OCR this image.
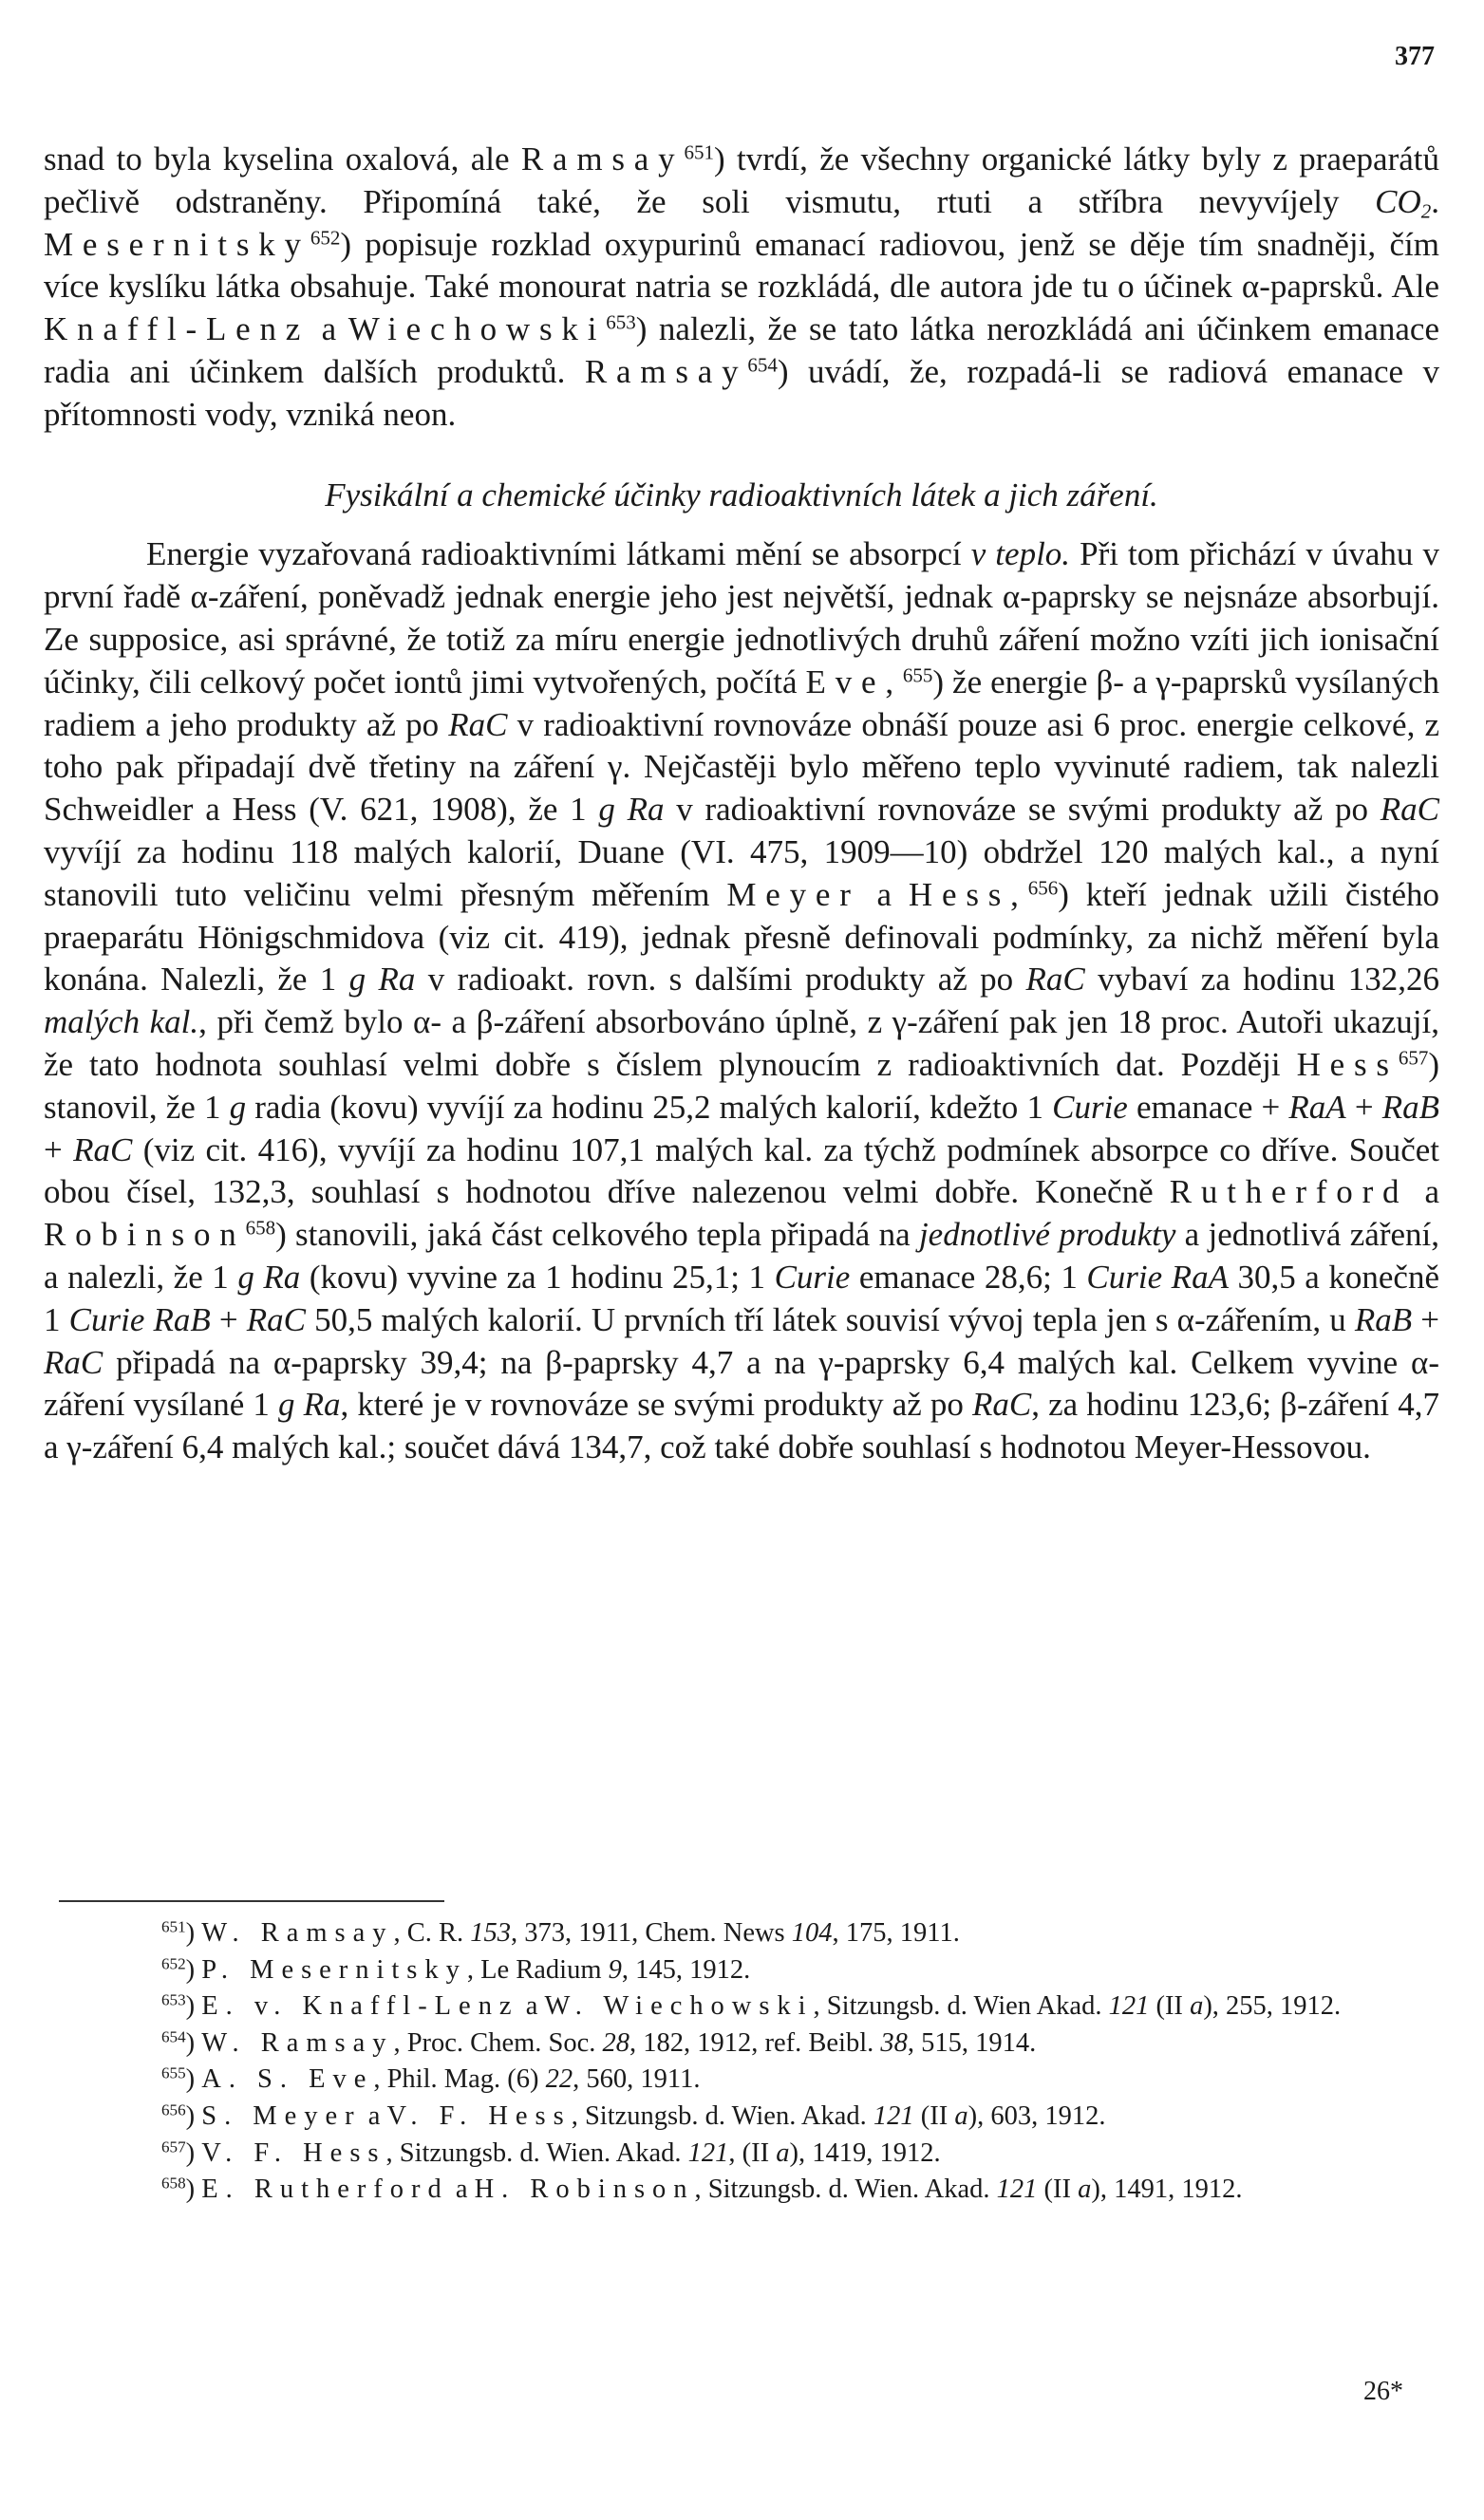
377

snad to byla kyselina oxalová, ale Ramsay$^{651}$) tvrdí, že všechny organické látky byly z praeparátů pečlivě odstraněny. Připomíná také, že soli vismutu, rtuti a stříbra nevyvíjely $CO_2$. Mesernitsky$^{652}$) popisuje rozklad oxypurinů emanací radiovou, jenž se děje tím snadněji, čím více kyslíku látka obsahuje. Také monourat natria se rozkládá, dle autora jde tu o účinek α-paprsků. Ale Knaffl-Lenz a Wiechowski$^{653}$) nalezli, že se tato látka nerozkládá ani účinkem emanace radia ani účinkem dalších produktů. Ramsay$^{654}$) uvádí, že, rozpadá-li se radiová emanace v přítomnosti vody, vzniká neon.

Fysikální a chemické účinky radioaktivních látek a jich záření.

Energie vyzařovaná radioaktivními látkami mění se absorpcí v teplo. Při tom přichází v úvahu v první řadě α-záření, poněvadž jednak energie jeho jest největší, jednak α-paprsky se nejsnáze absorbují. Ze supposice, asi správné, že totiž za míru energie jednotlivých druhů záření možno vzíti jich ionisační účinky, čili celkový počet iontů jimi vytvořených, počítá Eve,$^{655}$) že energie β- a γ-paprsků vysílaných radiem a jeho produkty až po RaC v radioaktivní rovnováze obnáší pouze asi 6 proc. energie celkové, z toho pak připadají dvě třetiny na záření γ. Nejčastěji bylo měřeno teplo vyvinuté radiem, tak nalezli Schweidler a Hess (V. 621, 1908), že 1 g Ra v radioaktivní rovnováze se svými produkty až po RaC vyvíjí za hodinu 118 malých kalorií, Duane (VI. 475, 1909—10) obdržel 120 malých kal., a nyní stanovili tuto veličinu velmi přesným měřením Meyer a Hess,$^{656}$) kteří jednak užili čistého praeparátu Hönigschmidova (viz cit. 419), jednak přesně definovali podmínky, za nichž měření byla konána. Nalezli, že 1 g Ra v radioakt. rovn. s dalšími produkty až po RaC vybaví za hodinu 132,26 malých kal., při čemž bylo α- a β-záření absorbováno úplně, z γ-záření pak jen 18 proc. Autoři ukazují, že tato hodnota souhlasí velmi dobře s číslem plynoucím z radioaktivních dat. Později Hess$^{657}$) stanovil, že 1 g radia (kovu) vyvíjí za hodinu 25,2 malých kalorií, kdežto 1 Curie emanace + RaA + RaB + RaC (viz cit. 416), vyvíjí za hodinu 107,1 malých kal. za týchž podmínek absorpce co dříve. Součet obou čísel, 132,3, souhlasí s hodnotou dříve nalezenou velmi dobře. Konečně Rutherford a Robinson$^{658}$) stanovili, jaká část celkového tepla připadá na jednotlivé produkty a jednotlivá záření, a nalezli, že 1 g Ra (kovu) vyvine za 1 hodinu 25,1; 1 Curie emanace 28,6; 1 Curie RaA 30,5 a konečně 1 Curie RaB + RaC 50,5 malých kalorií. U prvních tří látek souvisí vývoj tepla jen s α-zářením, u RaB + RaC připadá na α-paprsky 39,4; na β-paprsky 4,7 a na γ-paprsky 6,4 malých kal. Celkem vyvine α-záření vysílané 1 g Ra, které je v rovnováze se svými produkty až po RaC, za hodinu 123,6; β-záření 4,7 a γ-záření 6,4 malých kal.; součet dává 134,7, což také dobře souhlasí s hodnotou Meyer-Hessovou.

$^{651}$) W. Ramsay, C. R. 153, 373, 1911, Chem. News 104, 175, 1911.

$^{652}$) P. Mesernitsky, Le Radium 9, 145, 1912.

$^{653}$) E. v. Knaffl-Lenz a W. Wiechowski, Sitzungsb. d. Wien Akad. 121 (II a), 255, 1912.

$^{654}$) W. Ramsay, Proc. Chem. Soc. 28, 182, 1912, ref. Beibl. 38, 515, 1914.

$^{655}$) A. S. Eve, Phil. Mag. (6) 22, 560, 1911.

$^{656}$) S. Meyer a V. F. Hess, Sitzungsb. d. Wien. Akad. 121 (II a), 603, 1912.

$^{657}$) V. F. Hess, Sitzungsb. d. Wien. Akad. 121, (II a), 1419, 1912.

$^{658}$) E. Rutherford a H. Robinson, Sitzungsb. d. Wien. Akad. 121 (II a), 1491, 1912.

26*
